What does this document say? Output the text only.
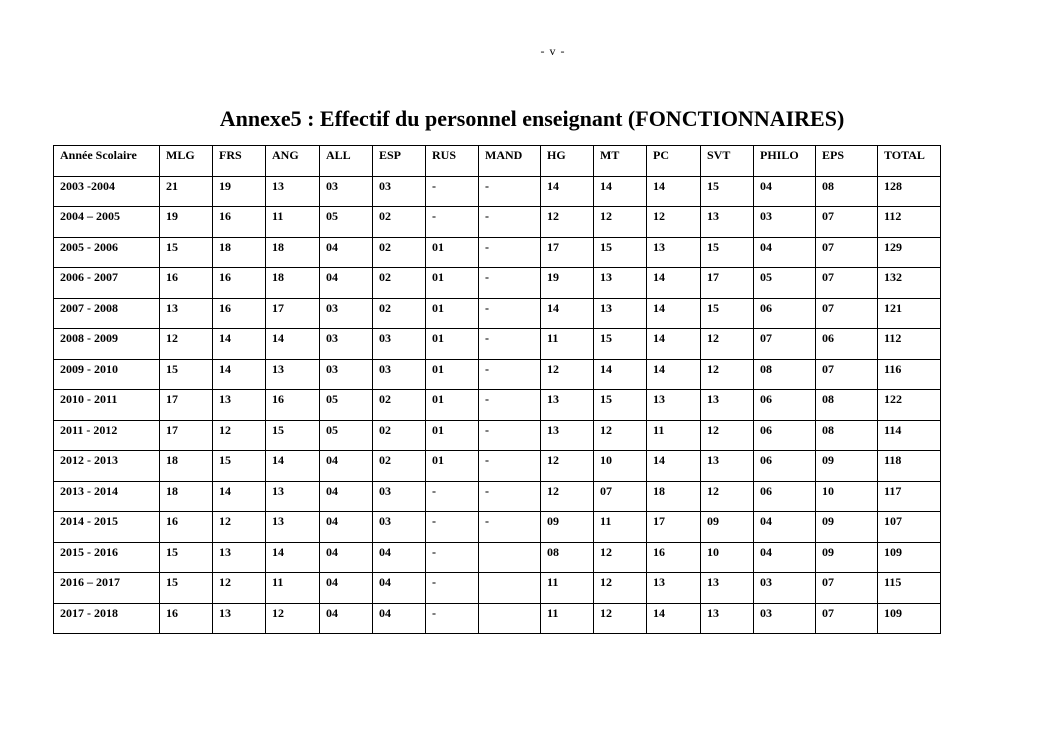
- v -
Annexe5 : Effectif du personnel enseignant (FONCTIONNAIRES)
Année Scolaire	MLG	FRS	ANG	ALL	ESP	RUS	MAND	HG	MT	PC	SVT	PHILO	EPS	TOTAL
2003 -2004	21	19	13	03	03	-	-	14	14	14	15	04	08	128
2004 – 2005	19	16	11	05	02	-	-	12	12	12	13	03	07	112
2005 - 2006	15	18	18	04	02	01	-	17	15	13	15	04	07	129
2006 - 2007	16	16	18	04	02	01	-	19	13	14	17	05	07	132
2007 - 2008	13	16	17	03	02	01	-	14	13	14	15	06	07	121
2008 - 2009	12	14	14	03	03	01	-	11	15	14	12	07	06	112
2009 - 2010	15	14	13	03	03	01	-	12	14	14	12	08	07	116
2010 - 2011	17	13	16	05	02	01	-	13	15	13	13	06	08	122
2011 - 2012	17	12	15	05	02	01	-	13	12	11	12	06	08	114
2012 - 2013	18	15	14	04	02	01	-	12	10	14	13	06	09	118
2013 - 2014	18	14	13	04	03	-	-	12	07	18	12	06	10	117
2014 - 2015	16	12	13	04	03	-	-	09	11	17	09	04	09	107
2015 - 2016	15	13	14	04	04	-		08	12	16	10	04	09	109
2016 – 2017	15	12	11	04	04	-		11	12	13	13	03	07	115
2017 - 2018	16	13	12	04	04	-		11	12	14	13	03	07	109
